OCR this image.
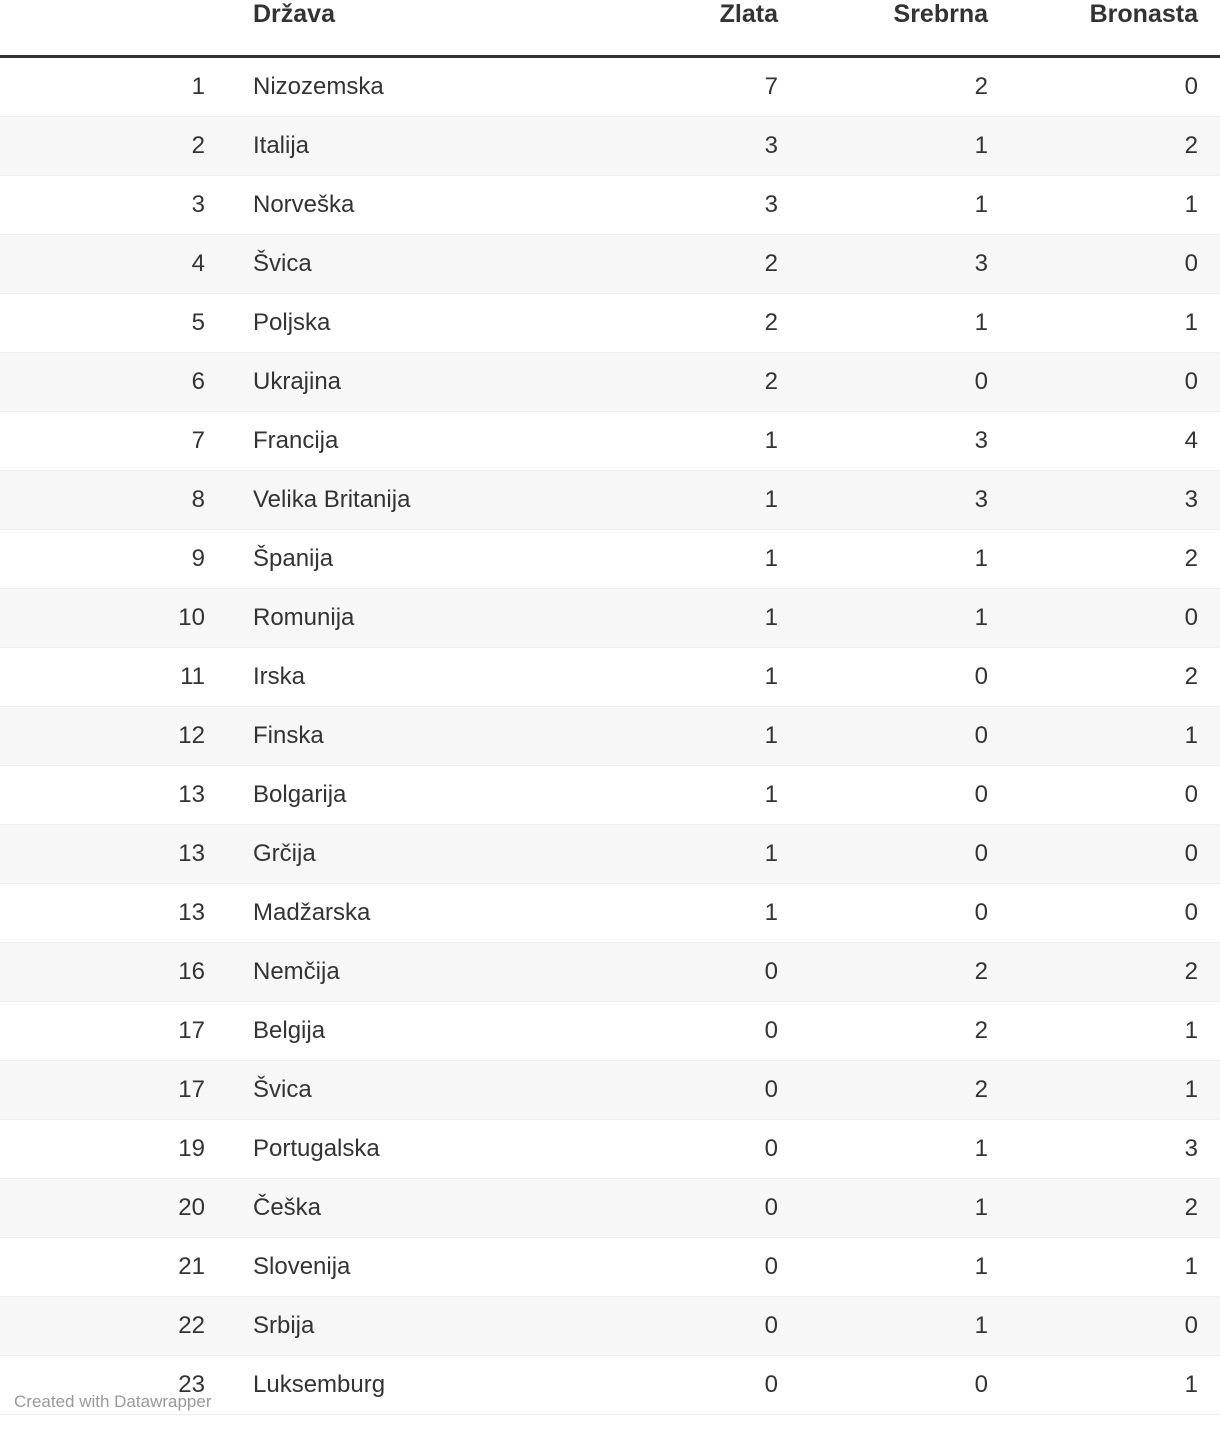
	Država	Zlata	Srebrna	Bronasta
1	Nizozemska	7	2	0
2	Italija	3	1	2
3	Norveška	3	1	1
4	Švica	2	3	0
5	Poljska	2	1	1
6	Ukrajina	2	0	0
7	Francija	1	3	4
8	Velika Britanija	1	3	3
9	Španija	1	1	2
10	Romunija	1	1	0
11	Irska	1	0	2
12	Finska	1	0	1
13	Bolgarija	1	0	0
13	Grčija	1	0	0
13	Madžarska	1	0	0
16	Nemčija	0	2	2
17	Belgija	0	2	1
17	Švica	0	2	1
19	Portugalska	0	1	3
20	Češka	0	1	2
21	Slovenija	0	1	1
22	Srbija	0	1	0
23	Luksemburg	0	0	1
Created with Datawrapper
